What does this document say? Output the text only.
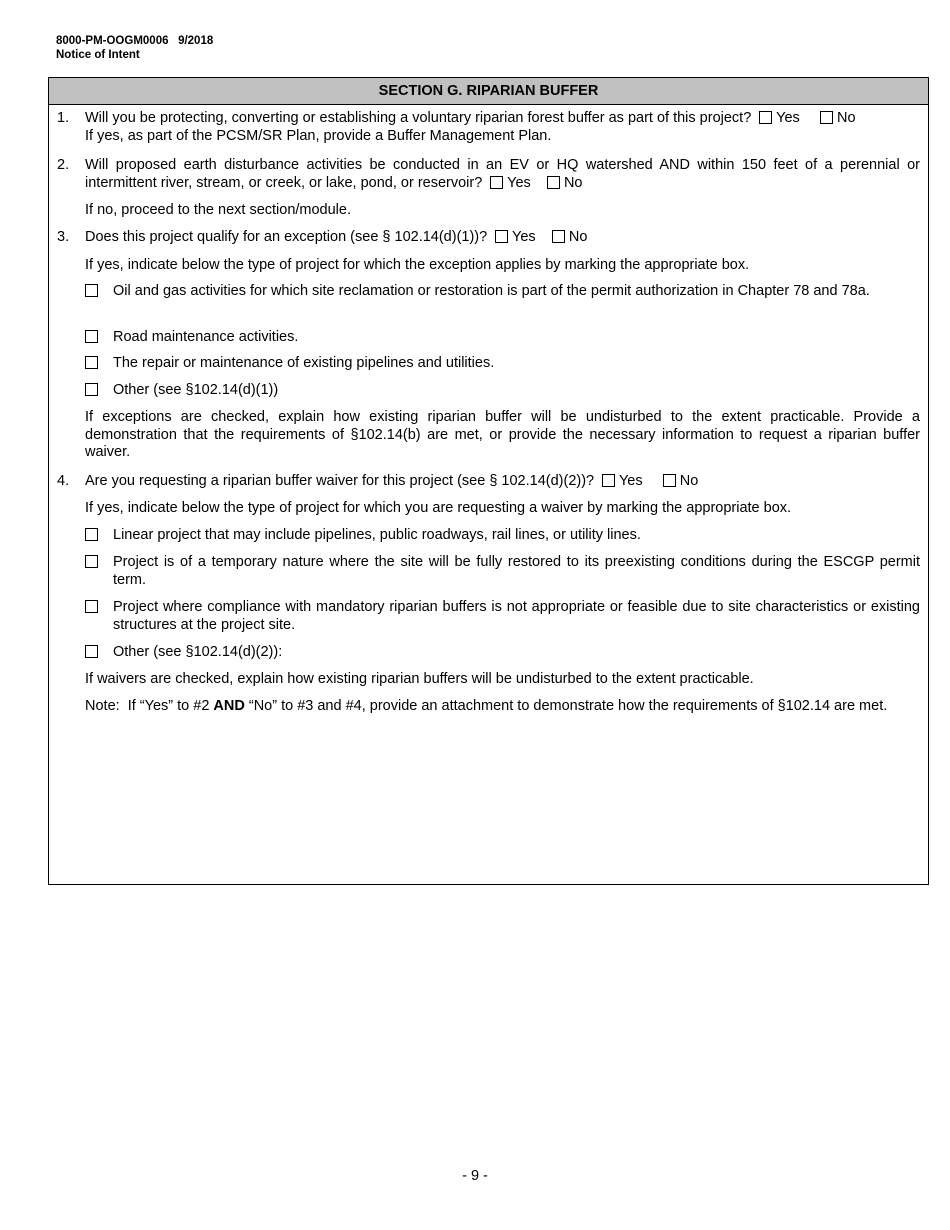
8000-PM-OOGM0006   9/2018
Notice of Intent
SECTION G. RIPARIAN BUFFER
1.	Will you be protecting, converting or establishing a voluntary riparian forest buffer as part of this project? Yes	No
If yes, as part of the PCSM/SR Plan, provide a Buffer Management Plan.
2.	Will proposed earth disturbance activities be conducted in an EV or HQ watershed AND within 150 feet of a perennial or intermittent river, stream, or creek, or lake, pond, or reservoir? Yes No
If no, proceed to the next section/module.
3.	Does this project qualify for an exception (see § 102.14(d)(1))? Yes No
If yes, indicate below the type of project for which the exception applies by marking the appropriate box.
Oil and gas activities for which site reclamation or restoration is part of the permit authorization in Chapter 78 and 78a.
Road maintenance activities.
The repair or maintenance of existing pipelines and utilities.
Other (see §102.14(d)(1))
If exceptions are checked, explain how existing riparian buffer will be undisturbed to the extent practicable. Provide a demonstration that the requirements of §102.14(b) are met, or provide the necessary information to request a riparian buffer waiver.
4.	Are you requesting a riparian buffer waiver for this project (see § 102.14(d)(2))? Yes	No
If yes, indicate below the type of project for which you are requesting a waiver by marking the appropriate box.
Linear project that may include pipelines, public roadways, rail lines, or utility lines.
Project is of a temporary nature where the site will be fully restored to its preexisting conditions during the ESCGP permit term.
Project where compliance with mandatory riparian buffers is not appropriate or feasible due to site characteristics or existing structures at the project site.
Other (see §102.14(d)(2)):
If waivers are checked, explain how existing riparian buffers will be undisturbed to the extent practicable.
Note:  If “Yes” to #2 AND “No” to #3 and #4, provide an attachment to demonstrate how the requirements of §102.14 are met.
- 9 -
